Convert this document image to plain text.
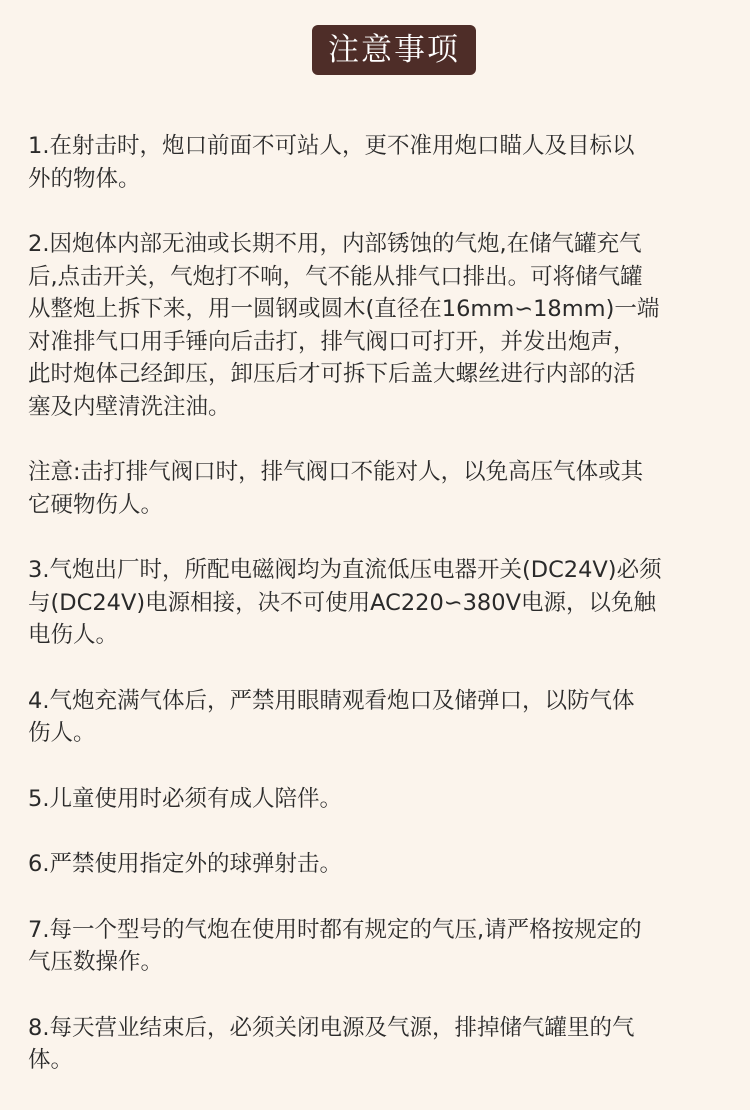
注意事项
1.在射击时，炮口前面不可站人，更不准用炮口瞄人及目标以
外的物体。
2.因炮体内部无油或长期不用，内部锈蚀的气炮,在储气罐充气
后,点击开关，气炮打不响，气不能从排气口排出。可将储气罐
从整炮上拆下来，用一圆钢或圆木(直径在16mm∽18mm)一端
对准排气口用手锤向后击打，排气阀口可打开，并发出炮声，
此时炮体己经卸压，卸压后才可拆下后盖大螺丝进行内部的活
塞及内壁清洗注油。
注意:击打排气阀口时，排气阀口不能对人，以免高压气体或其
它硬物伤人。
3.气炮出厂时，所配电磁阀均为直流低压电器开关(DC24V)必须
与(DC24V)电源相接，决不可使用AC220∽380V电源，以免触
电伤人。
4.气炮充满气体后，严禁用眼睛观看炮口及储弹口，以防气体
伤人。
5.儿童使用时必须有成人陪伴。
6.严禁使用指定外的球弹射击。
7.每一个型号的气炮在使用时都有规定的气压,请严格按规定的
气压数操作。
8.每天营业结束后，必须关闭电源及气源，排掉储气罐里的气
体。
